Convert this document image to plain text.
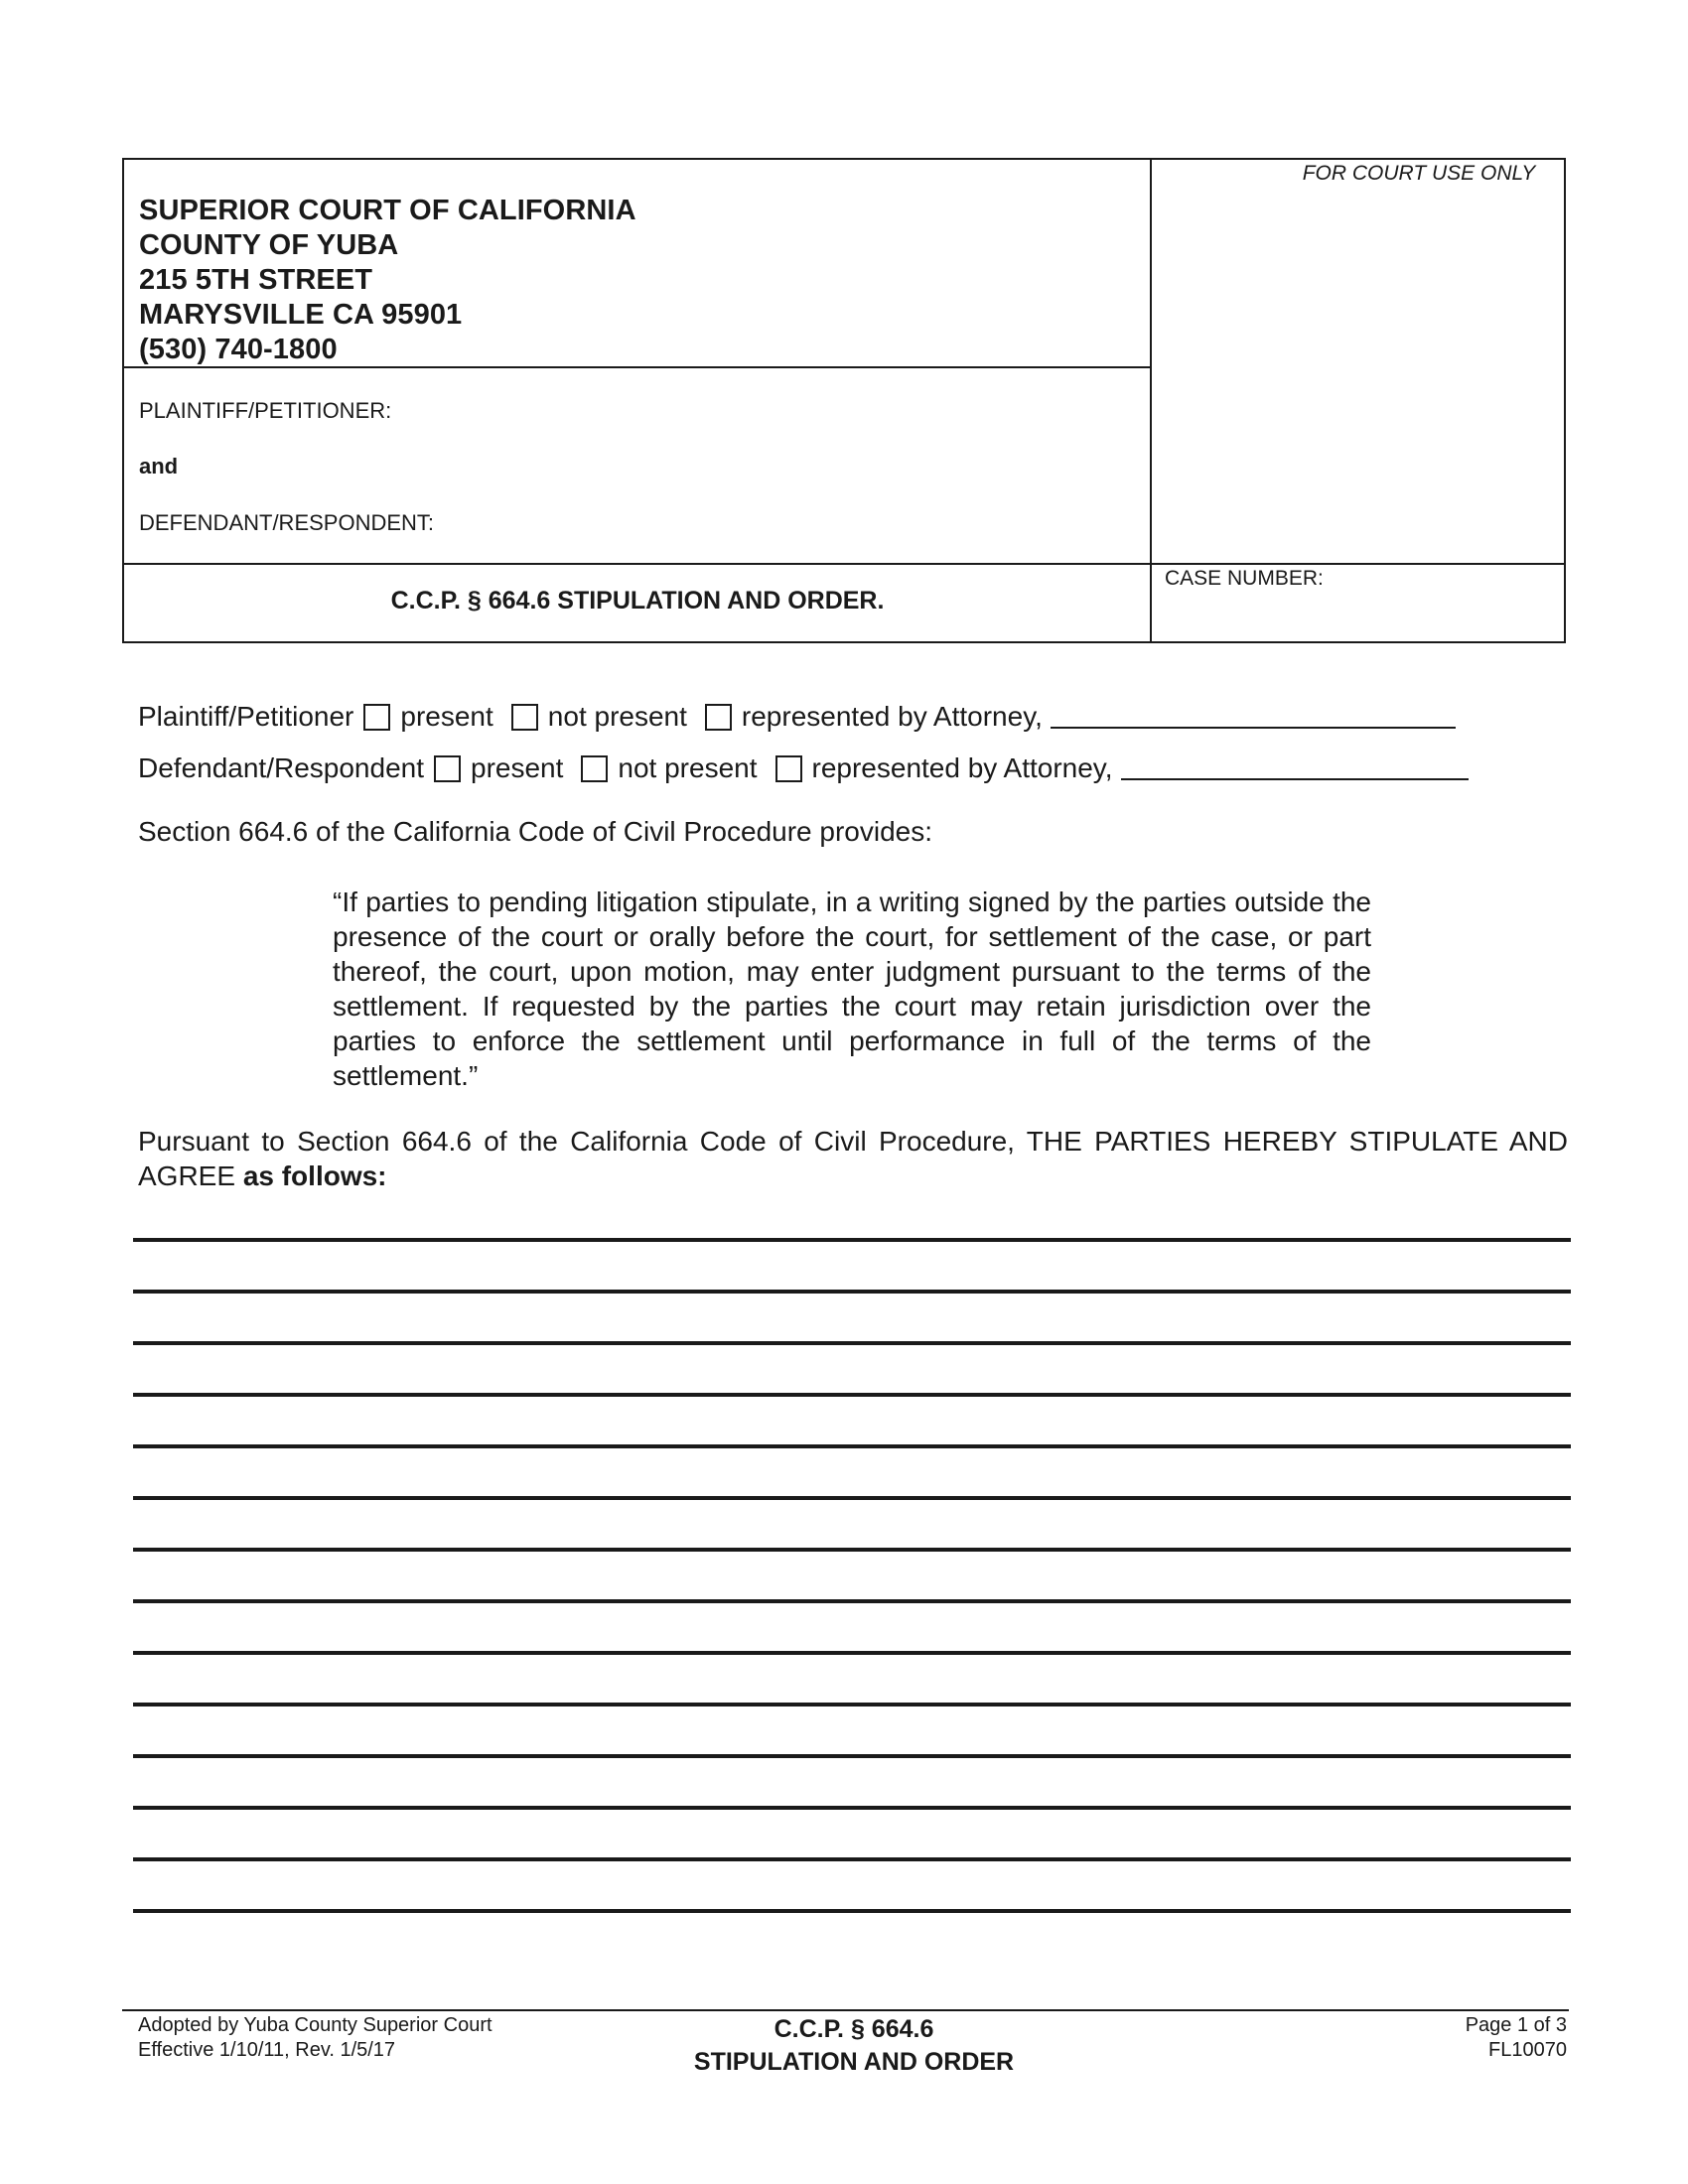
SUPERIOR COURT OF CALIFORNIA
COUNTY OF YUBA
215 5TH STREET
MARYSVILLE CA 95901
(530) 740-1800
FOR COURT USE ONLY
PLAINTIFF/PETITIONER:
and
DEFENDANT/RESPONDENT:
C.C.P. § 664.6 STIPULATION AND ORDER.
CASE NUMBER:
Plaintiff/Petitioner present not present represented by Attorney,
Defendant/Respondent present not present represented by Attorney,
Section 664.6 of the California Code of Civil Procedure provides:
“If parties to pending litigation stipulate, in a writing signed by the parties outside the presence of the court or orally before the court, for settlement of the case, or part thereof, the court, upon motion, may enter judgment pursuant to the terms of the settlement. If requested by the parties the court may retain jurisdiction over the parties to enforce the settlement until performance in full of the terms of the settlement.”
Pursuant to Section 664.6 of the California Code of Civil Procedure, THE PARTIES HEREBY STIPULATE AND AGREE as follows:
Adopted by Yuba County Superior Court
Effective 1/10/11, Rev. 1/5/17
C.C.P. § 664.6
STIPULATION AND ORDER
Page 1 of 3
FL10070
